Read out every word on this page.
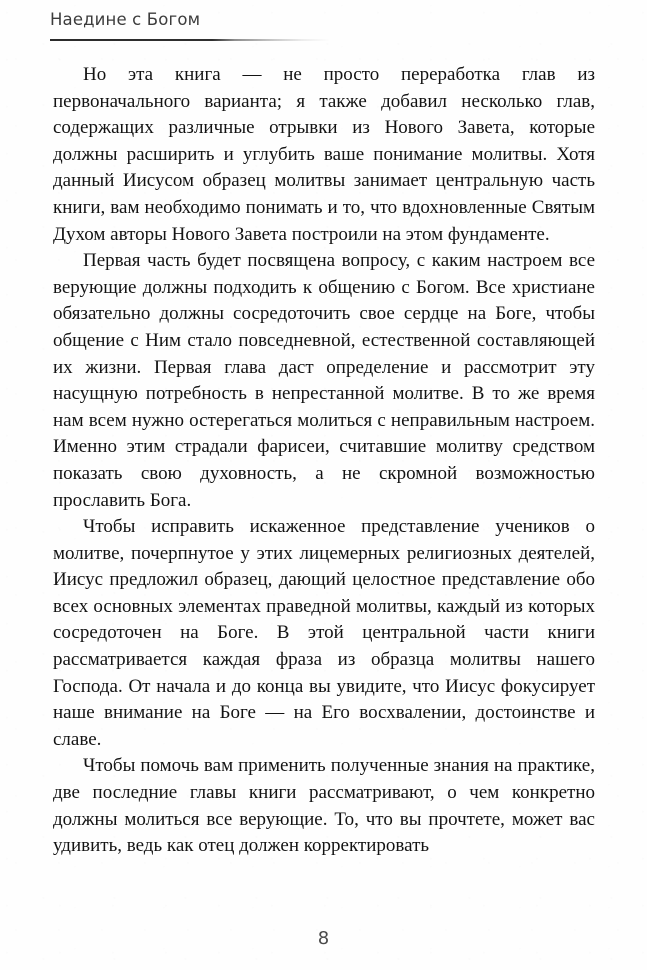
Наедине с Богом

Но эта книга — не просто переработка глав из первоначального варианта; я также добавил несколько глав, содержащих различные отрывки из Нового Завета, которые должны расширить и углубить ваше понимание молитвы. Хотя данный Иисусом образец молитвы занимает центральную часть книги, вам необходимо понимать и то, что вдохновленные Святым Духом авторы Нового Завета построили на этом фундаменте.

Первая часть будет посвящена вопросу, с каким настроем все верующие должны подходить к общению с Богом. Все христиане обязательно должны сосредоточить свое сердце на Боге, чтобы общение с Ним стало повседневной, естественной составляющей их жизни. Первая глава даст определение и рассмотрит эту насущную потребность в непрестанной молитве. В то же время нам всем нужно остерегаться молиться с неправильным настроем. Именно этим страдали фарисеи, считавшие молитву средством показать свою духовность, а не скромной возможностью прославить Бога.

Чтобы исправить искаженное представление учеников о молитве, почерпнутое у этих лицемерных религиозных деятелей, Иисус предложил образец, дающий целостное представление обо всех основных элементах праведной молитвы, каждый из которых сосредоточен на Боге. В этой центральной части книги рассматривается каждая фраза из образца молитвы нашего Господа. От начала и до конца вы увидите, что Иисус фокусирует наше внимание на Боге — на Его восхвалении, достоинстве и славе.

Чтобы помочь вам применить полученные знания на практике, две последние главы книги рассматривают, о чем конкретно должны молиться все верующие. То, что вы прочтете, может вас удивить, ведь как отец должен корректировать

8
